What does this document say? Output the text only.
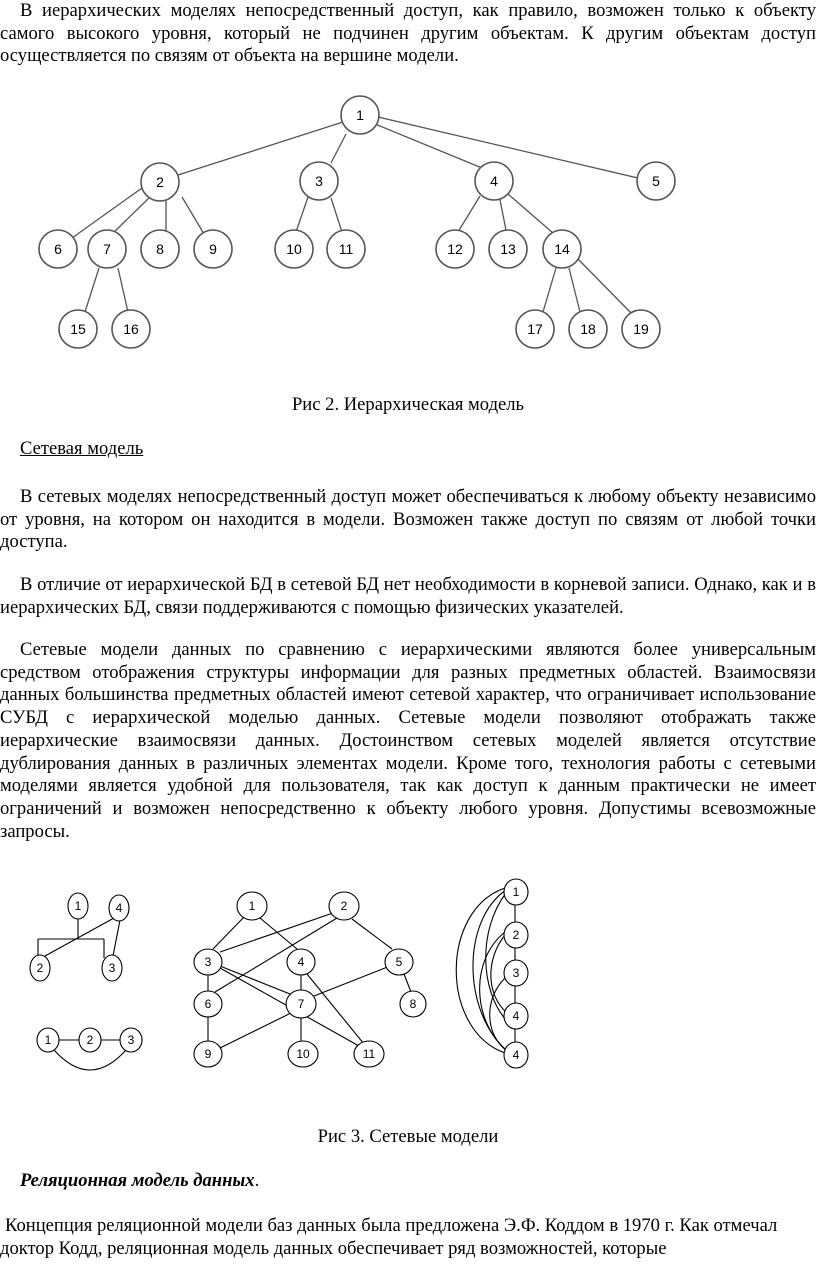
В иерархических моделях непосредственный доступ, как правило, возможен только к объекту самого высокого уровня, который не подчинен другим объектам. К другим объектам доступ осуществляется по связям от объекта на вершине модели.

1
2	3	4	5
6	7	8	9	10	11	12	13	14
15	16	17	18	19
Рис 2. Иерархическая модель
Сетевая модель

В сетевых моделях непосредственный доступ может обеспечиваться к любому объекту независимо от уровня, на котором он находится в модели. Возможен также доступ по связям от любой точки доступа.

В отличие от иерархической БД в сетевой БД нет необходимости в корневой записи. Однако, как и в иерархических БД, связи поддерживаются с помощью физических указателей.

Сетевые модели данных по сравнению с иерархическими являются более универсальным средством отображения структуры информации для разных предметных областей. Взаимосвязи данных большинства предметных областей имеют сетевой характер, что ограничивает использование СУБД с иерархической моделью данных. Сетевые модели позволяют отображать также иерархические взаимосвязи данных. Достоинством сетевых моделей является отсутствие дублирования данных в различных элементах модели. Кроме того, технология работы с сетевыми моделями является удобной для пользователя, так как доступ к данным практически не имеет ограничений и возможен непосредственно к объекту любого уровня. Допустимы всевозможные запросы.

1	4
2	3
1	2	3
1	2
3	4	5
6	7	8
9	10	11
1
2
3
4
4
Рис 3. Сетевые модели
Реляционная модель данных.

Концепция реляционной модели баз данных была предложена Э.Ф. Коддом в 1970 г. Как отмечал доктор Кодд, реляционная модель данных обеспечивает ряд возможностей, которые
